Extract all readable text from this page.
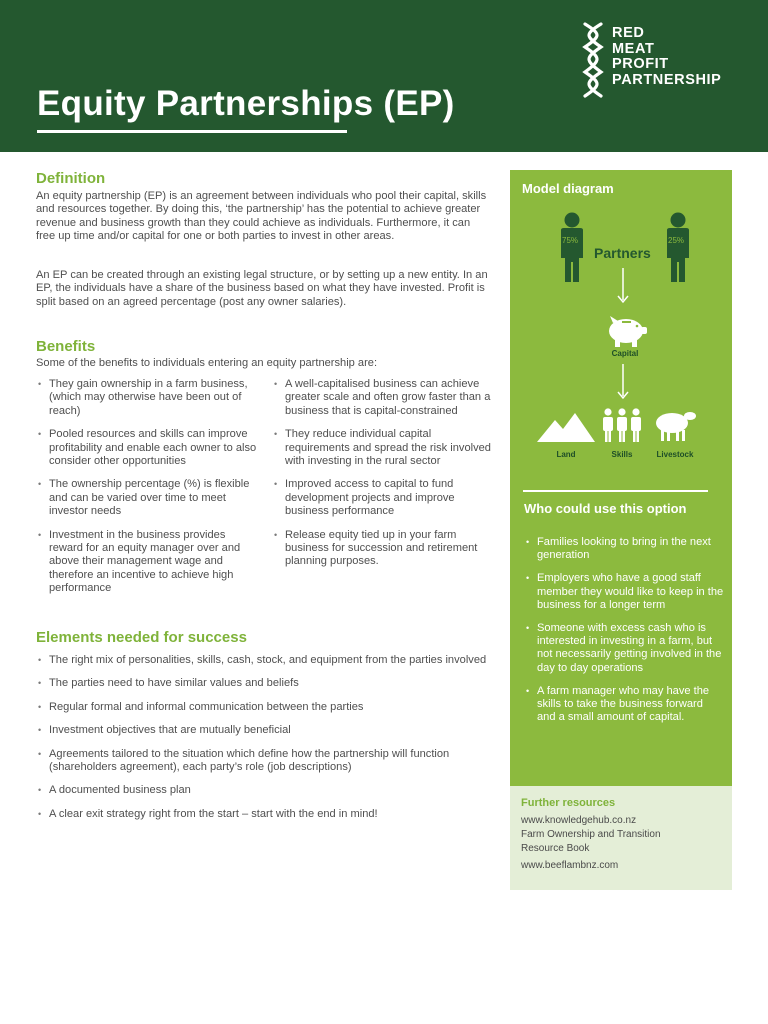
Equity Partnerships (EP)
RED
MEAT
PROFIT
PARTNERSHIP
Definition

An equity partnership (EP) is an agreement between individuals who pool their capital, skills and resources together. By doing this, ‘the partnership’ has the potential to achieve greater revenue and business growth than they could achieve as individuals. Furthermore, it can free up time and/or capital for one or both parties to invest in other areas.

An EP can be created through an existing legal structure, or by setting up a new entity. In an EP, the individuals have a share of the business based on what they have invested. Profit is split based on an agreed percentage (post any owner salaries).

Benefits

Some of the benefits to individuals entering an equity partnership are:

• They gain ownership in a farm business, (which may otherwise have been out of reach)
• Pooled resources and skills can improve profitability and enable each owner to also consider other opportunities
• The ownership percentage (%) is flexible and can be varied over time to meet investor needs
• Investment in the business provides reward for an equity manager over and above their management wage and therefore an incentive to achieve high performance
• A well-capitalised business can achieve greater scale and often grow faster than a business that is capital-constrained
• They reduce individual capital requirements and spread the risk involved with investing in the rural sector
• Improved access to capital to fund development projects and improve business performance
• Release equity tied up in your farm business for succession and retirement planning purposes.
Elements needed for success
• The right mix of personalities, skills, cash, stock, and equipment from the parties involved
• The parties need to have similar values and beliefs
• Regular formal and informal communication between the parties
• Investment objectives that are mutually beneficial
• Agreements tailored to the situation which define how the partnership will function (shareholders agreement), each party’s role (job descriptions)
• A documented business plan
• A clear exit strategy right from the start – start with the end in mind!
Model diagram
75%
Partners
25%
Capital
Land	Skills	Livestock
Who could use this option
• Families looking to bring in the next generation
• Employers who have a good staff member they would like to keep in the business for a longer term
• Someone with excess cash who is interested in investing in a farm, but not necessarily getting involved in the day to day operations
• A farm manager who may have the skills to take the business forward and a small amount of capital.
Further resources
www.knowledgehub.co.nz
Farm Ownership and Transition
Resource Book
www.beeflambnz.com
